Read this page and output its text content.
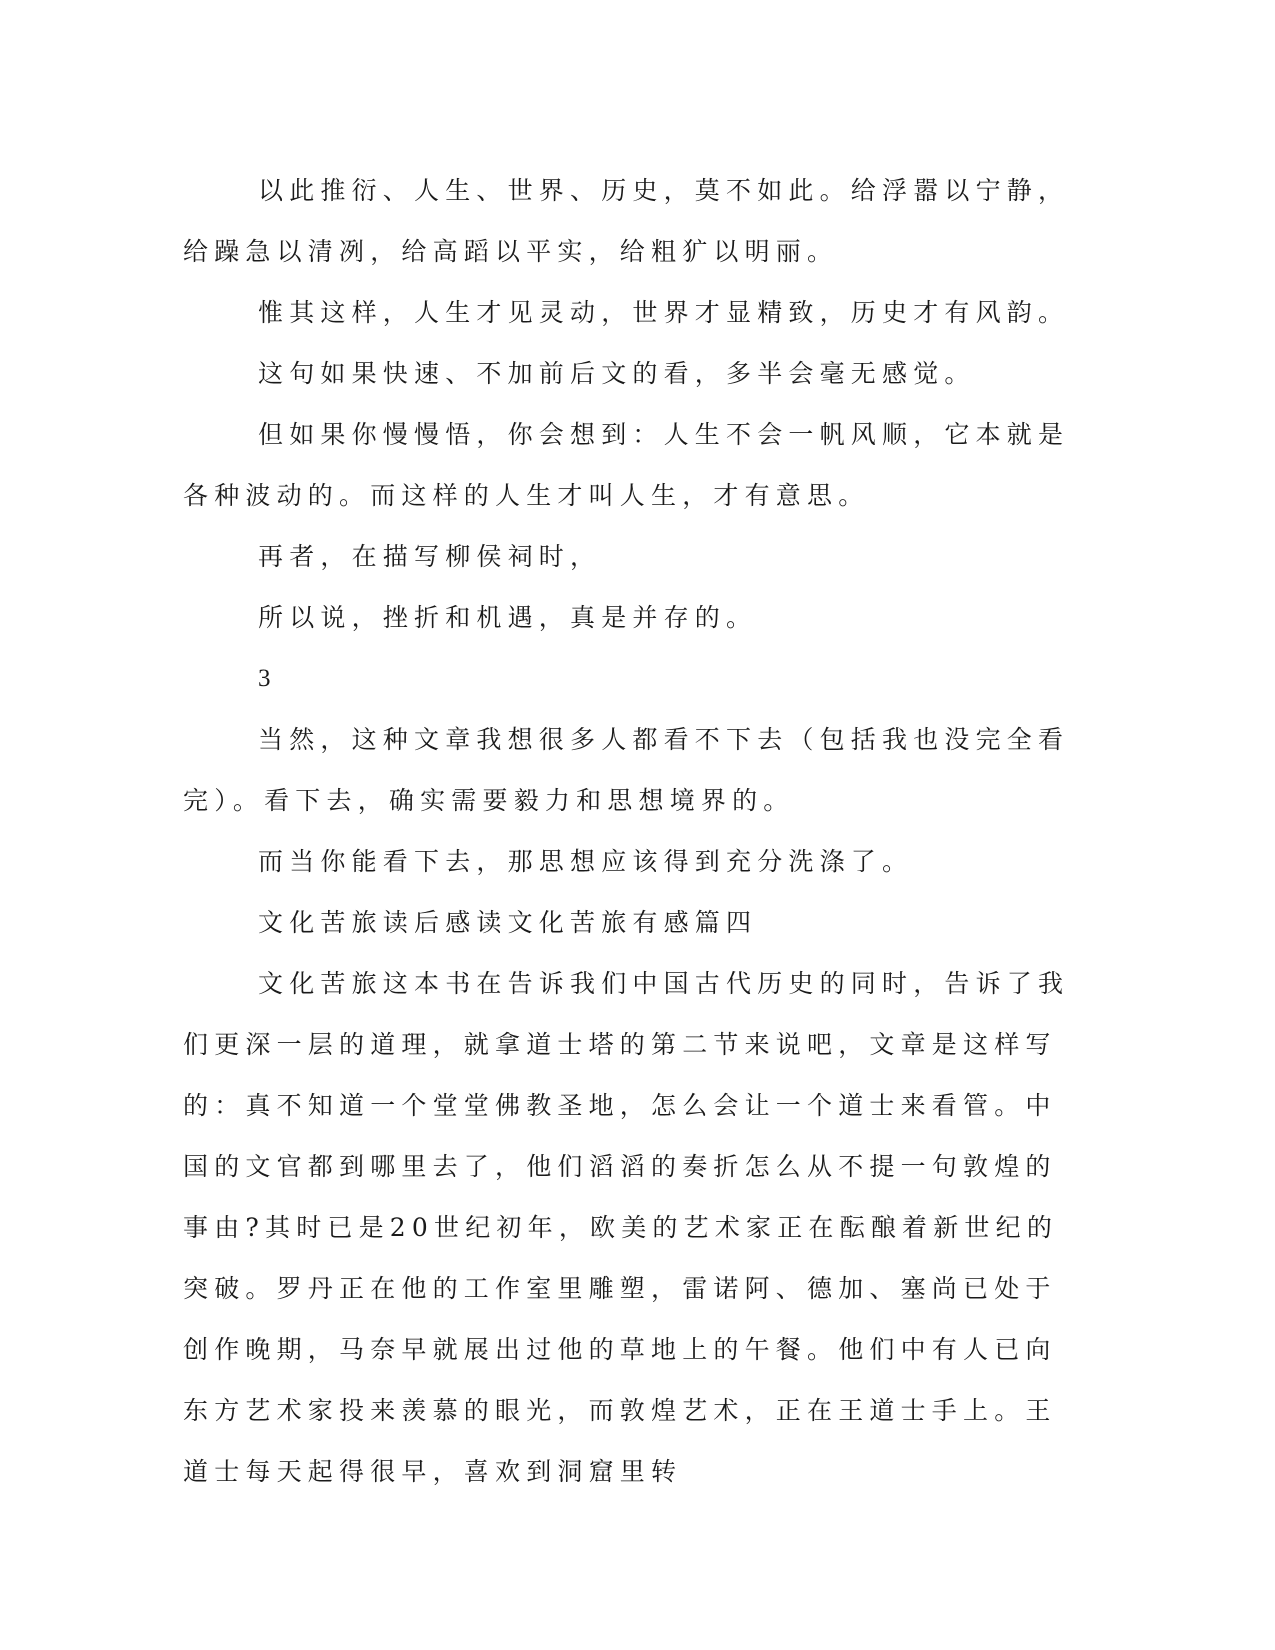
以此推衍、人生、世界、历史，莫不如此。给浮嚣以宁静，给躁急以清冽，给高蹈以平实，给粗犷以明丽。

惟其这样，人生才见灵动，世界才显精致，历史才有风韵。

这句如果快速、不加前后文的看，多半会毫无感觉。

但如果你慢慢悟，你会想到：人生不会一帆风顺，它本就是各种波动的。而这样的人生才叫人生，才有意思。

再者，在描写柳侯祠时，

所以说，挫折和机遇，真是并存的。

3

当然，这种文章我想很多人都看不下去（包括我也没完全看完）。看下去，确实需要毅力和思想境界的。

而当你能看下去，那思想应该得到充分洗涤了。

文化苦旅读后感读文化苦旅有感篇四

文化苦旅这本书在告诉我们中国古代历史的同时，告诉了我们更深一层的道理，就拿道士塔的第二节来说吧，文章是这样写的：真不知道一个堂堂佛教圣地，怎么会让一个道士来看管。中国的文官都到哪里去了，他们滔滔的奏折怎么从不提一句敦煌的事由?其时已是20世纪初年，欧美的艺术家正在酝酿着新世纪的突破。罗丹正在他的工作室里雕塑，雷诺阿、德加、塞尚已处于创作晚期，马奈早就展出过他的草地上的午餐。他们中有人已向东方艺术家投来羡慕的眼光，而敦煌艺术，正在王道士手上。王道士每天起得很早，喜欢到洞窟里转
